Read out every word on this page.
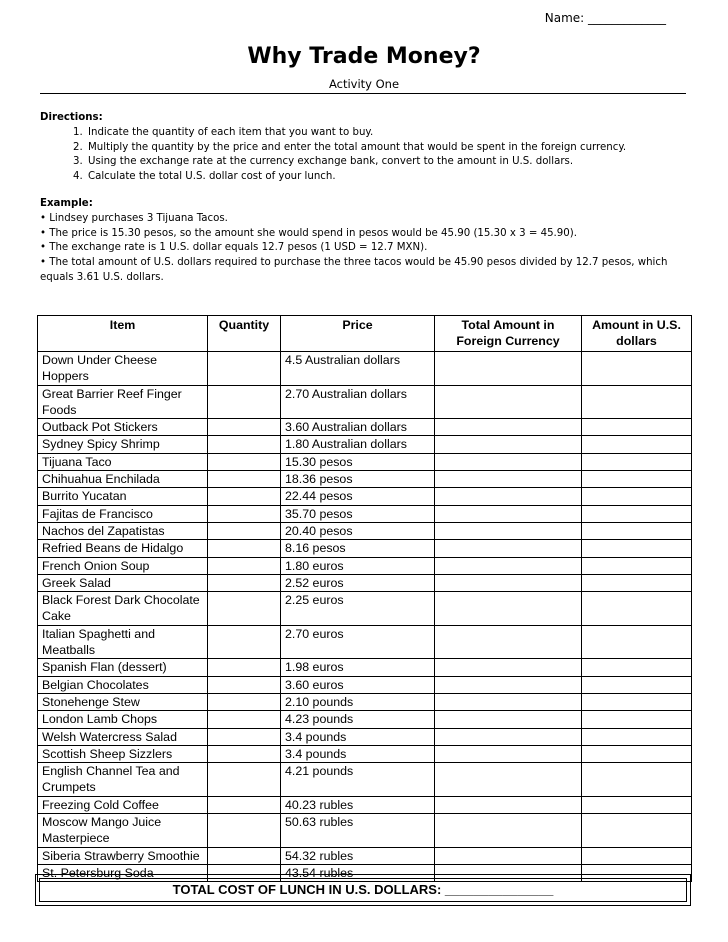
Name: _____________
Why Trade Money?
Activity One

Directions:

1. Indicate the quantity of each item that you want to buy.
2. Multiply the quantity by the price and enter the total amount that would be spent in the foreign currency.
3. Using the exchange rate at the currency exchange bank, convert to the amount in U.S. dollars.
4. Calculate the total U.S. dollar cost of your lunch.

Example:

• Lindsey purchases 3 Tijuana Tacos.

• The price is 15.30 pesos, so the amount she would spend in pesos would be 45.90 (15.30 x 3 = 45.90).

• The exchange rate is 1 U.S. dollar equals 12.7 pesos (1 USD = 12.7 MXN).

• The total amount of U.S. dollars required to purchase the three tacos would be 45.90 pesos divided by 12.7 pesos, which equals 3.61 U.S. dollars.

Item	Quantity	Price	Total Amount in Foreign Currency	Amount in U.S. dollars
Down Under Cheese Hoppers		4.5 Australian dollars		
Great Barrier Reef Finger Foods		2.70 Australian dollars		
Outback Pot Stickers		3.60 Australian dollars		
Sydney Spicy Shrimp		1.80 Australian dollars		
Tijuana Taco		15.30 pesos		
Chihuahua Enchilada		18.36 pesos		
Burrito Yucatan		22.44 pesos		
Fajitas de Francisco		35.70 pesos		
Nachos del Zapatistas		20.40 pesos		
Refried Beans de Hidalgo		8.16 pesos		
French Onion Soup		1.80 euros		
Greek Salad		2.52 euros		
Black Forest Dark Chocolate Cake		2.25 euros		
Italian Spaghetti and Meatballs		2.70 euros		
Spanish Flan (dessert)		1.98 euros		
Belgian Chocolates		3.60 euros		
Stonehenge Stew		2.10 pounds		
London Lamb Chops		4.23 pounds		
Welsh Watercress Salad		3.4 pounds		
Scottish Sheep Sizzlers		3.4 pounds		
English Channel Tea and Crumpets		4.21 pounds		
Freezing Cold Coffee		40.23 rubles		
Moscow Mango Juice Masterpiece		50.63 rubles		
Siberia Strawberry Smoothie		54.32 rubles		
St. Petersburg Soda		43.54 rubles		
TOTAL COST OF LUNCH IN U.S. DOLLARS: _______________
